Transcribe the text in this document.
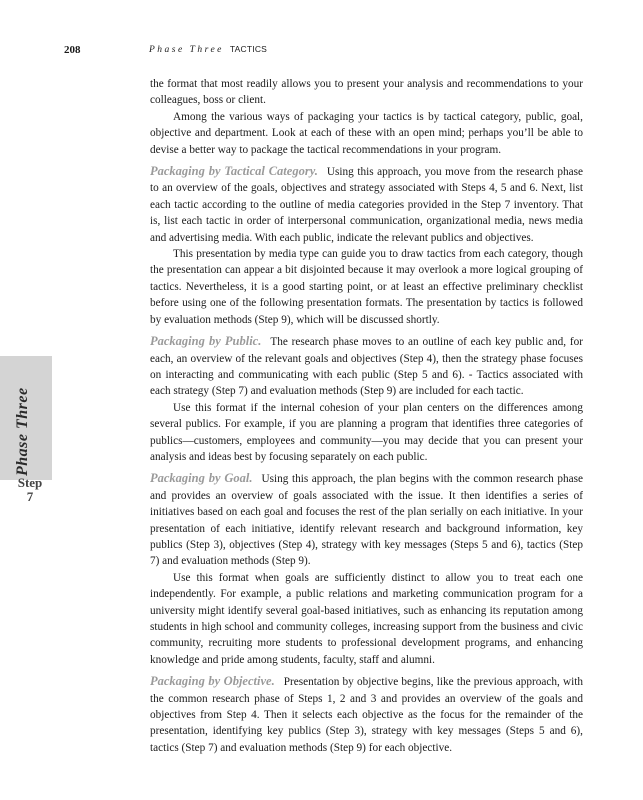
208	Phase Three TACTICS
Phase Three
Step
7

the format that most readily allows you to present your analysis and recommendations to your colleagues, boss or client.

Among the various ways of packaging your tactics is by tactical category, public, goal, objective and department. Look at each of these with an open mind; perhaps you’ll be able to devise a better way to package the tactical recommendations in your program.

Packaging by Tactical Category. Using this approach, you move from the research phase to an overview of the goals, objectives and strategy associated with Steps 4, 5 and 6. Next, list each tactic according to the outline of media categories provided in the Step 7 inventory. That is, list each tactic in order of interpersonal communication, organizational media, news media and advertising media. With each public, indicate the relevant publics and objectives.

This presentation by media type can guide you to draw tactics from each category, though the presentation can appear a bit disjointed because it may overlook a more logical grouping of tactics. Nevertheless, it is a good starting point, or at least an effective preliminary checklist before using one of the following presentation formats. The presentation by tactics is followed by evaluation methods (Step 9), which will be discussed shortly.

Packaging by Public. The research phase moves to an outline of each key public and, for each, an overview of the relevant goals and objectives (Step 4), then the strategy phase focuses on interacting and communicating with each public (Step 5 and 6). - Tactics associated with each strategy (Step 7) and evaluation methods (Step 9) are included for each tactic.

Use this format if the internal cohesion of your plan centers on the differences among several publics. For example, if you are planning a program that identifies three categories of publics—customers, employees and community—you may decide that you can present your analysis and ideas best by focusing separately on each public.

Packaging by Goal. Using this approach, the plan begins with the common research phase and provides an overview of goals associated with the issue. It then identifies a series of initiatives based on each goal and focuses the rest of the plan serially on each initiative. In your presentation of each initiative, identify relevant research and background information, key publics (Step 3), objectives (Step 4), strategy with key messages (Steps 5 and 6), tactics (Step 7) and evaluation methods (Step 9).

Use this format when goals are sufficiently distinct to allow you to treat each one independently. For example, a public relations and marketing communication program for a university might identify several goal-based initiatives, such as enhancing its reputation among students in high school and community colleges, increasing support from the business and civic community, recruiting more students to professional development programs, and enhancing knowledge and pride among students, faculty, staff and alumni.

Packaging by Objective. Presentation by objective begins, like the previous approach, with the common research phase of Steps 1, 2 and 3 and provides an overview of the goals and objectives from Step 4. Then it selects each objective as the focus for the remainder of the presentation, identifying key publics (Step 3), strategy with key messages (Steps 5 and 6), tactics (Step 7) and evaluation methods (Step 9) for each objective.
